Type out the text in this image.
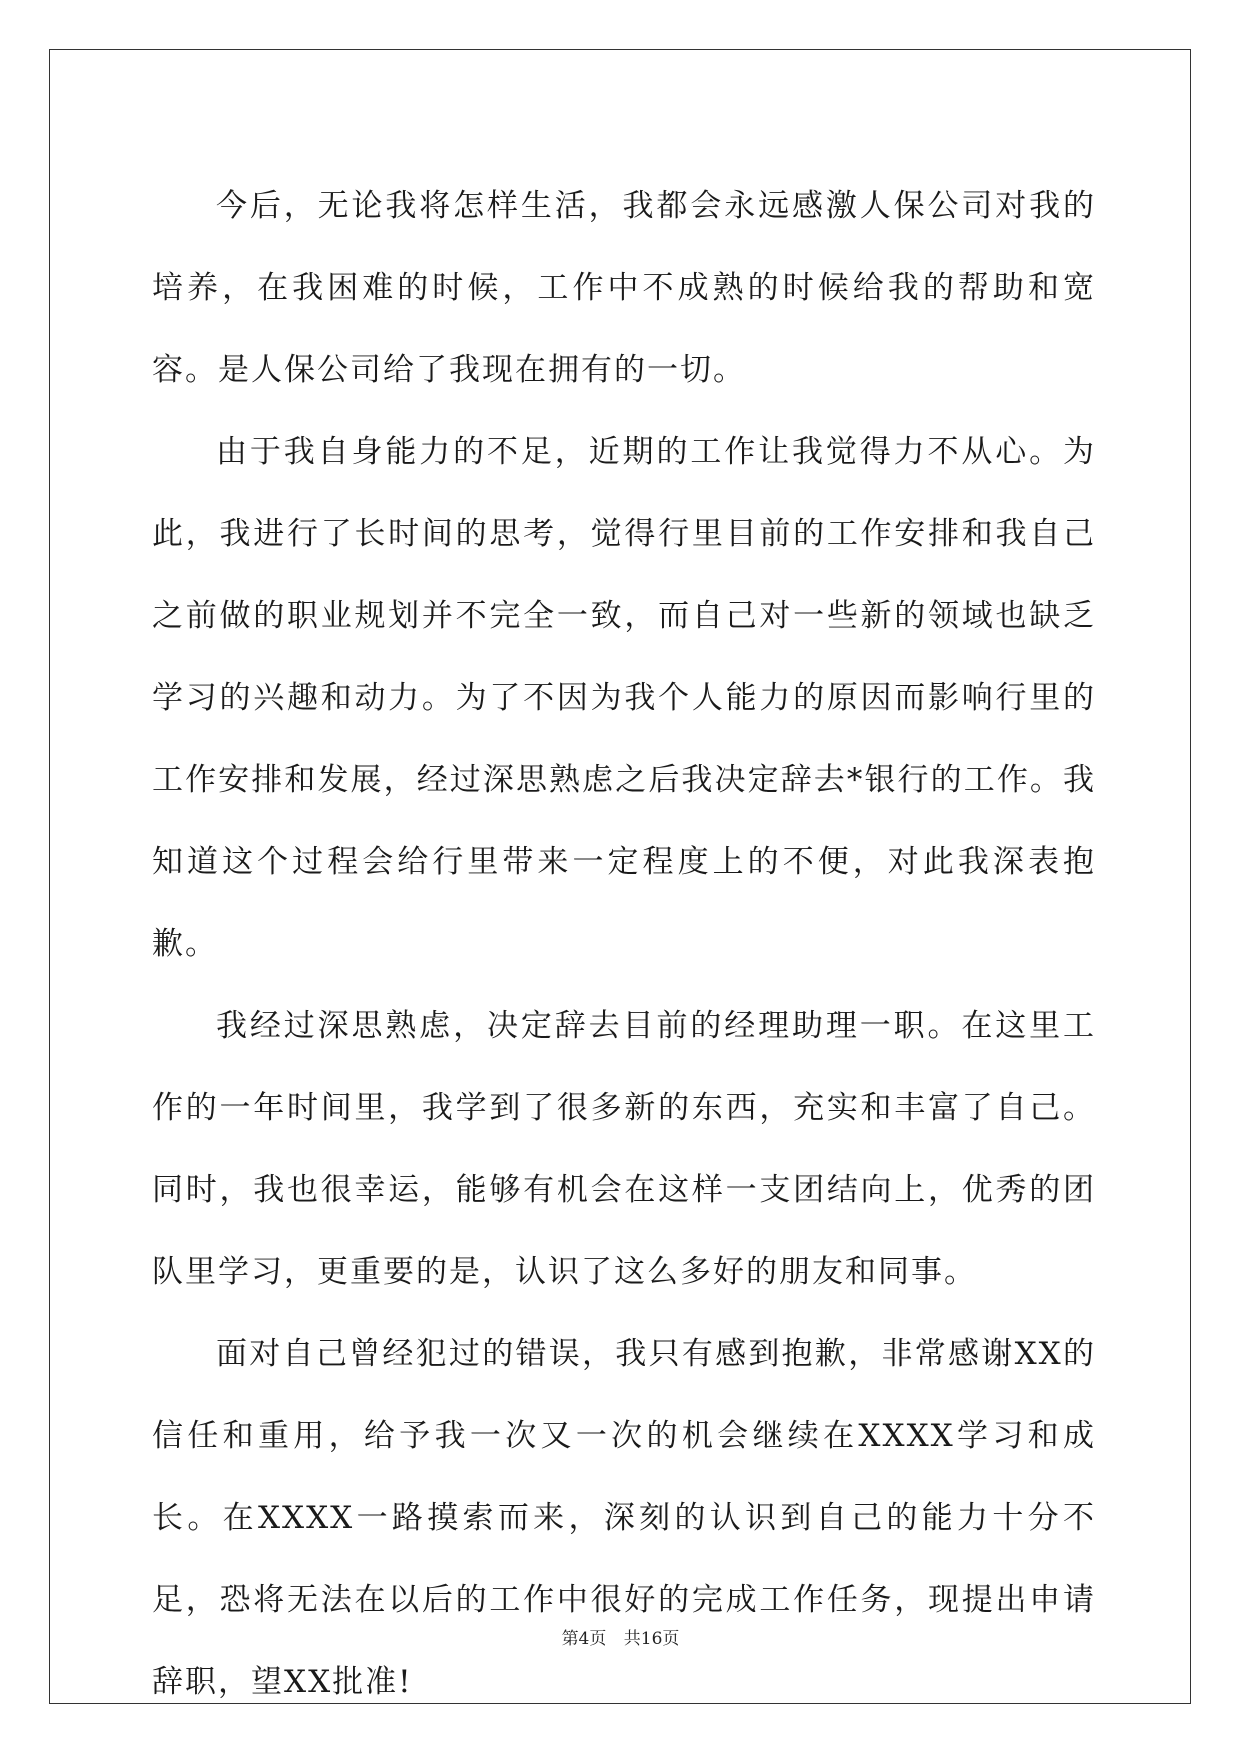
今后，无论我将怎样生活，我都会永远感激人保公司对我的培养，在我困难的时候，工作中不成熟的时候给我的帮助和宽容。是人保公司给了我现在拥有的一切。

由于我自身能力的不足，近期的工作让我觉得力不从心。为此，我进行了长时间的思考，觉得行里目前的工作安排和我自己之前做的职业规划并不完全一致，而自己对一些新的领域也缺乏学习的兴趣和动力。为了不因为我个人能力的原因而影响行里的工作安排和发展，经过深思熟虑之后我决定辞去*银行的工作。我知道这个过程会给行里带来一定程度上的不便，对此我深表抱歉。

我经过深思熟虑，决定辞去目前的经理助理一职。在这里工作的一年时间里，我学到了很多新的东西，充实和丰富了自己。同时，我也很幸运，能够有机会在这样一支团结向上，优秀的团队里学习，更重要的是，认识了这么多好的朋友和同事。

面对自己曾经犯过的错误，我只有感到抱歉，非常感谢XX的信任和重用，给予我一次又一次的机会继续在XXXX学习和成长。在XXXX一路摸索而来，深刻的认识到自己的能力十分不足，恐将无法在以后的工作中很好的完成工作任务，现提出申请辞职，望XX批准!

第4页 共16页
